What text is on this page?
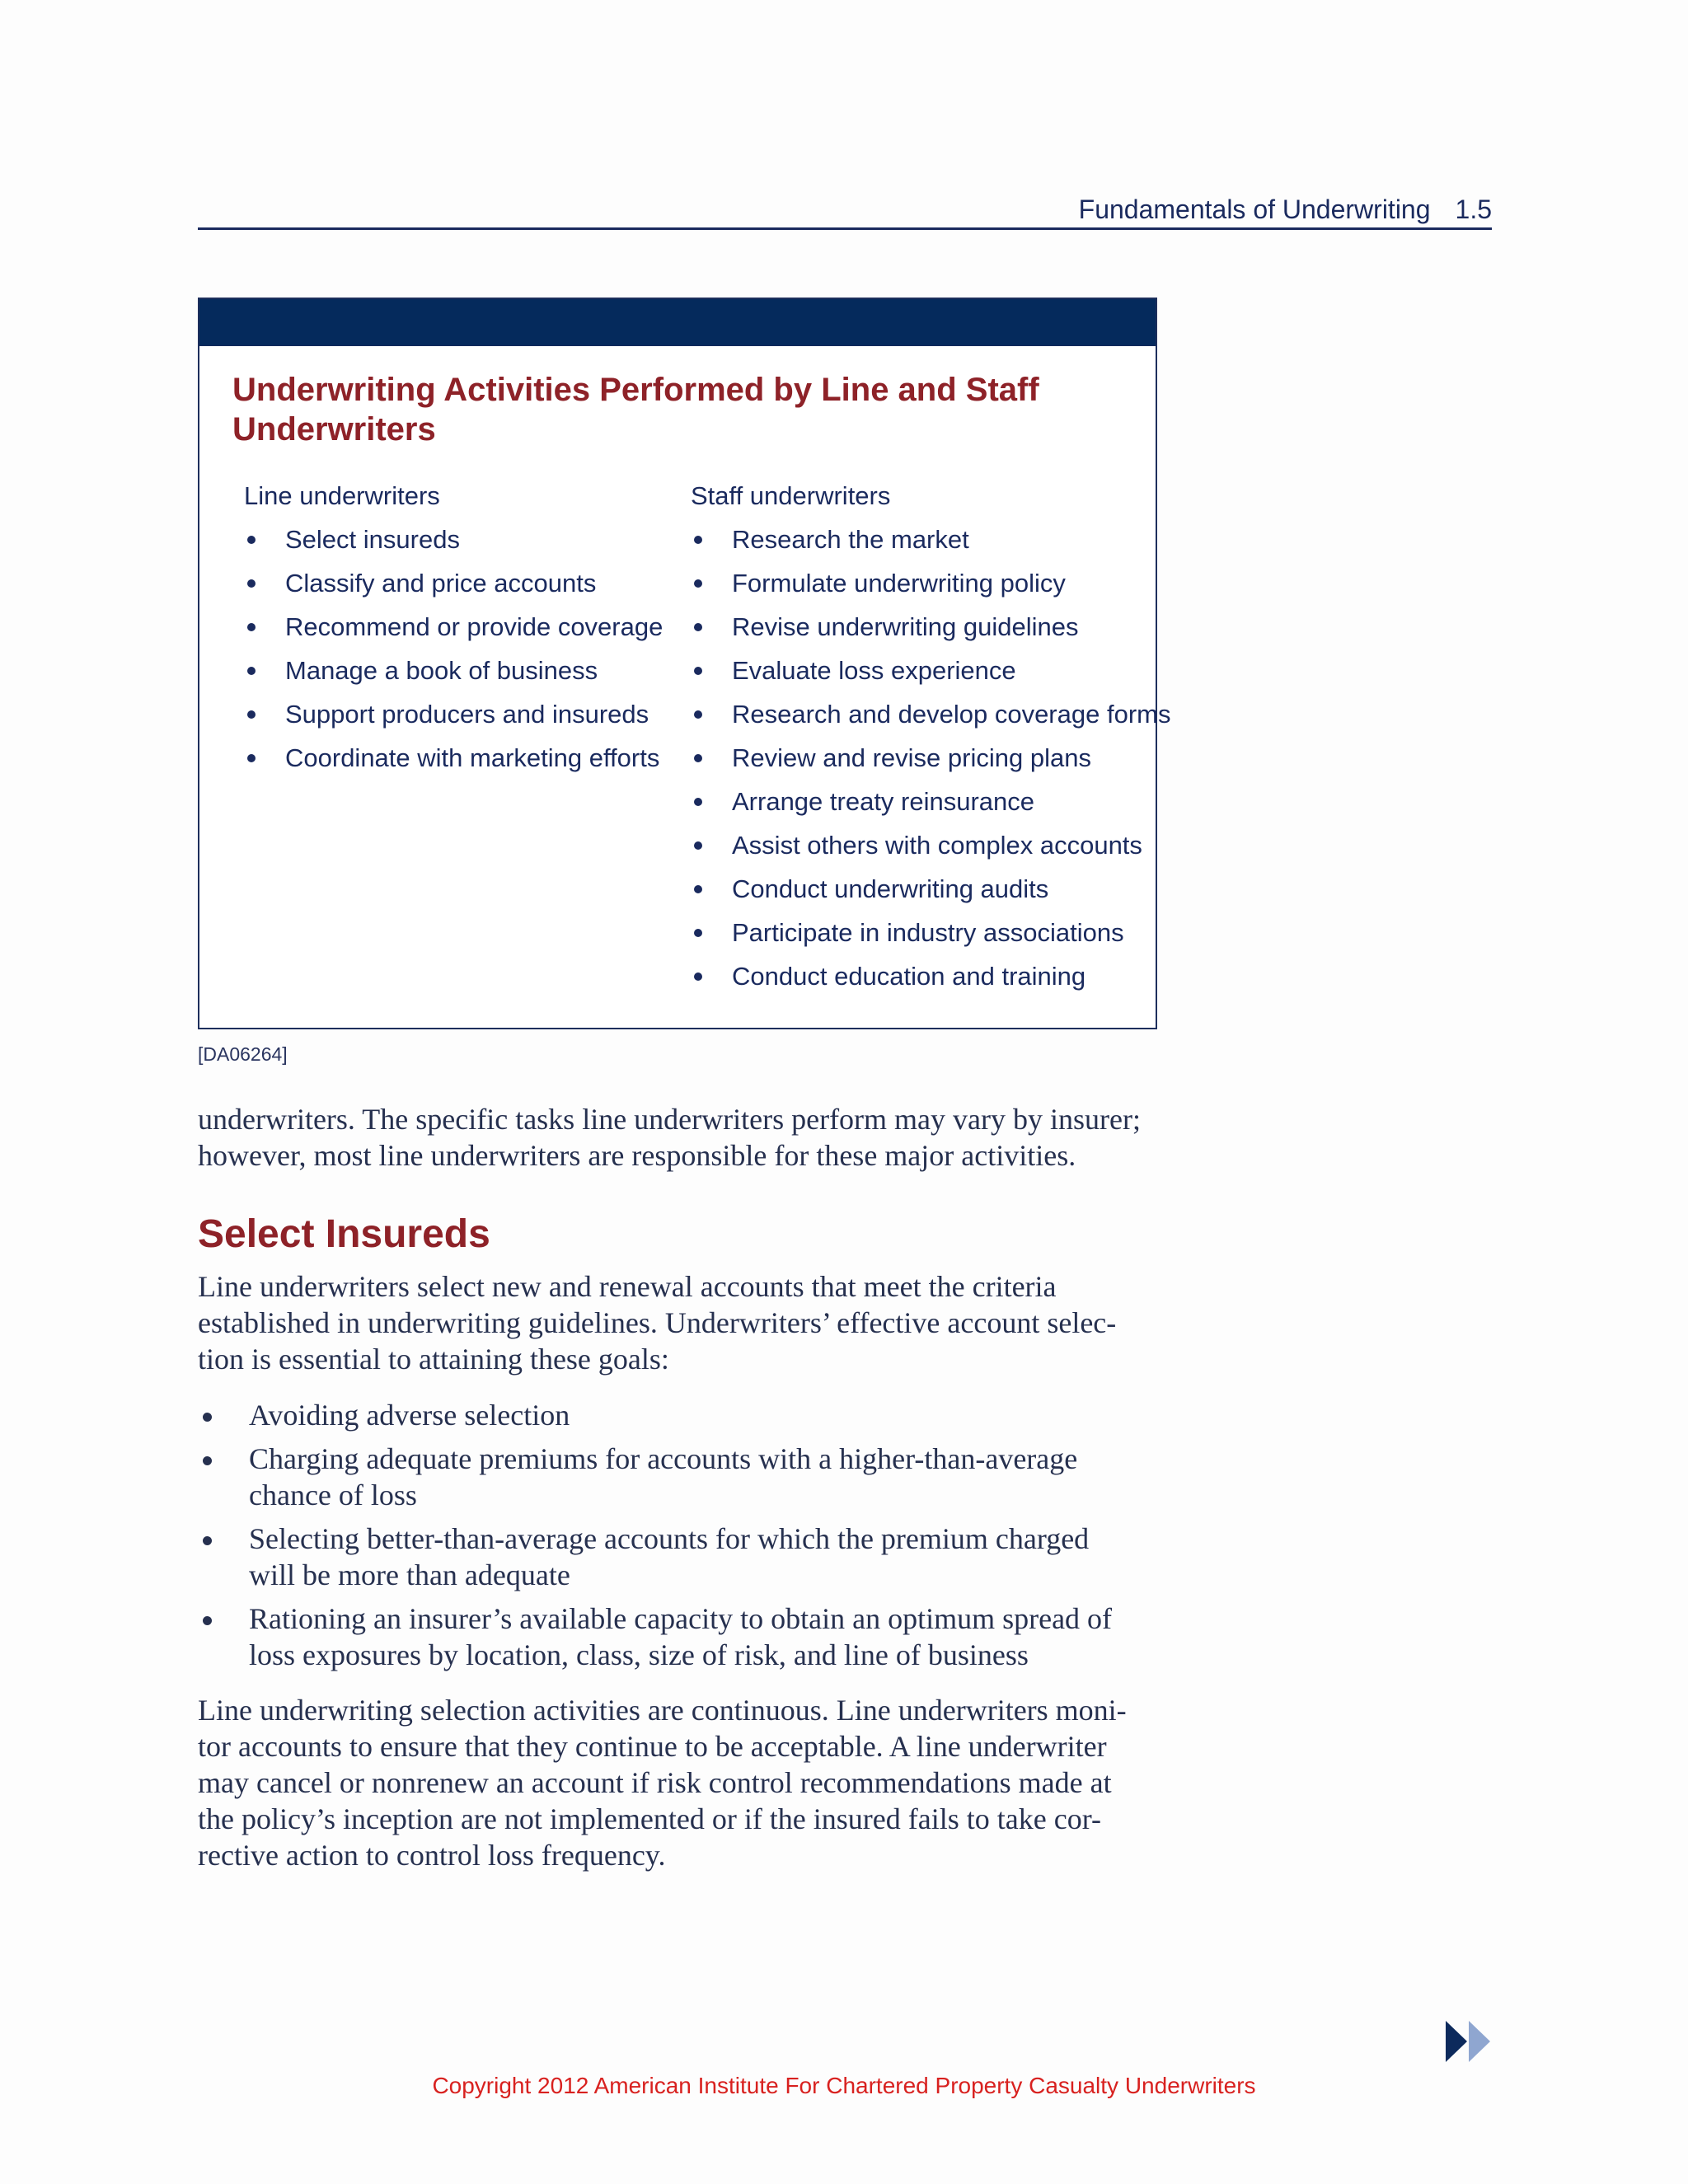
Fundamentals of Underwriting 1.5
Underwriting Activities Performed by Line and Staff Underwriters
Line underwriters
Select insureds
Classify and price accounts
Recommend or provide coverage
Manage a book of business
Support producers and insureds
Coordinate with marketing efforts
Staff underwriters
Research the market
Formulate underwriting policy
Revise underwriting guidelines
Evaluate loss experience
Research and develop coverage forms
Review and revise pricing plans
Arrange treaty reinsurance
Assist others with complex accounts
Conduct underwriting audits
Participate in industry associations
Conduct education and training
[DA06264]

underwriters. The specific tasks line underwriters perform may vary by insurer;
however, most line underwriters are responsible for these major activities.

Select Insureds

Line underwriters select new and renewal accounts that meet the criteria
established in underwriting guidelines. Underwriters’ effective account selec-
tion is essential to attaining these goals:

Avoiding adverse selection
Charging adequate premiums for accounts with a higher-than-average
chance of loss
Selecting better-than-average accounts for which the premium charged
will be more than adequate
Rationing an insurer’s available capacity to obtain an optimum spread of
loss exposures by location, class, size of risk, and line of business

Line underwriting selection activities are continuous. Line underwriters moni-
tor accounts to ensure that they continue to be acceptable. A line underwriter
may cancel or nonrenew an account if risk control recommendations made at
the policy’s inception are not implemented or if the insured fails to take cor-
rective action to control loss frequency.

Copyright 2012 American Institute For Chartered Property Casualty Underwriters
